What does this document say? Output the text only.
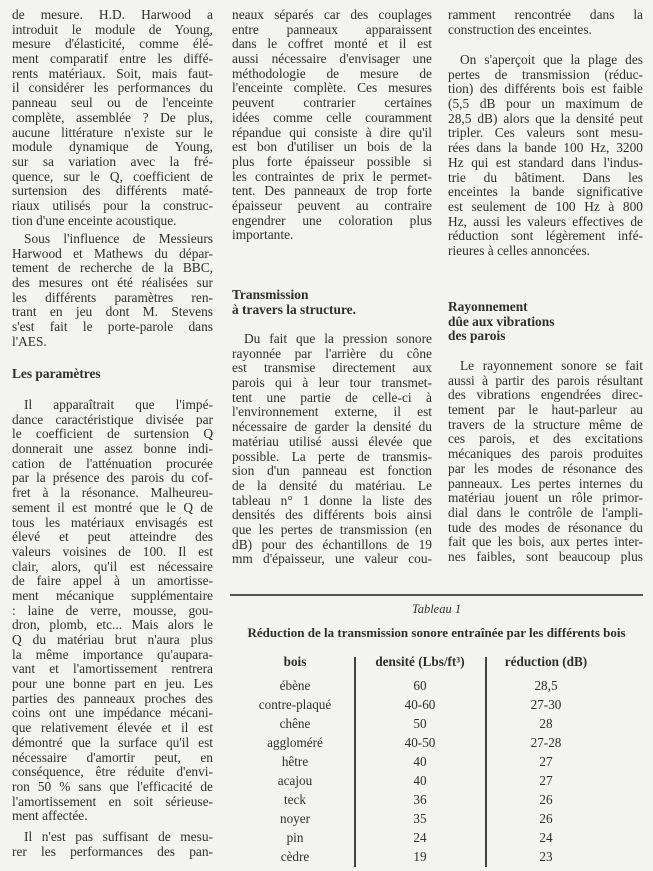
de mesure. H.D. Harwood a
introduit le module de Young,
mesure d'élasticité, comme élé-
ment comparatif entre les diffé-
rents matériaux. Soit, mais faut-
il considérer les performances du
panneau seul ou de l'enceinte
complète, assemblée ? De plus,
aucune littérature n'existe sur le
module dynamique de Young,
sur sa variation avec la fré-
quence, sur le Q, coefficient de
surtension des différents maté-
riaux utilisés pour la construc-
tion d'une enceinte acoustique.
Sous l'influence de Messieurs
Harwood et Mathews du dépar-
tement de recherche de la BBC,
des mesures ont été réalisées sur
les différents paramètres ren-
trant en jeu dont M. Stevens
s'est fait le porte-parole dans
l'AES.
Les paramètres
Il apparaîtrait que l'impé-
dance caractéristique divisée par
le coefficient de surtension Q
donnerait une assez bonne indi-
cation de l'atténuation procurée
par la présence des parois du cof-
fret à la résonance. Malheureu-
sement il est montré que le Q de
tous les matériaux envisagés est
élevé et peut atteindre des
valeurs voisines de 100. Il est
clair, alors, qu'il est nécessaire
de faire appel à un amortisse-
ment mécanique supplémentaire
: laine de verre, mousse, gou-
dron, plomb, etc... Mais alors le
Q du matériau brut n'aura plus
la même importance qu'aupara-
vant et l'amortissement rentrera
pour une bonne part en jeu. Les
parties des panneaux proches des
coins ont une impédance mécani-
que relativement élevée et il est
démontré que la surface qu'il est
nécessaire d'amortir peut, en
conséquence, être réduite d'envi-
ron 50 % sans que l'efficacité de
l'amortissement en soit sérieuse-
ment affectée.
Il n'est pas suffisant de mesu-
rer les performances des pan-
neaux séparés car des couplages
entre panneaux apparaissent
dans le coffret monté et il est
aussi nécessaire d'envisager une
méthodologie de mesure de
l'enceinte complète. Ces mesures
peuvent contrarier certaines
idées comme celle couramment
répandue qui consiste à dire qu'il
est bon d'utiliser un bois de la
plus forte épaisseur possible si
les contraintes de prix le permet-
tent. Des panneaux de trop forte
épaisseur peuvent au contraire
engendrer une coloration plus
importante.
Transmission
à travers la structure.
Du fait que la pression sonore
rayonnée par l'arrière du cône
est transmise directement aux
parois qui à leur tour transmet-
tent une partie de celle-ci à
l'environnement externe, il est
nécessaire de garder la densité du
matériau utilisé aussi élevée que
possible. La perte de transmis-
sion d'un panneau est fonction
de la densité du matériau. Le
tableau n° 1 donne la liste des
densités des différents bois ainsi
que les pertes de transmission (en
dB) pour des échantillons de 19
mm d'épaisseur, une valeur cou-
ramment rencontrée dans la
construction des enceintes.
On s'aperçoit que la plage des
pertes de transmission (réduc-
tion) des différents bois est faible
(5,5 dB pour un maximum de
28,5 dB) alors que la densité peut
tripler. Ces valeurs sont mesu-
rées dans la bande 100 Hz, 3200
Hz qui est standard dans l'indus-
trie du bâtiment. Dans les
enceintes la bande significative
est seulement de 100 Hz à 800
Hz, aussi les valeurs effectives de
réduction sont légèrement infé-
rieures à celles annoncées.
Rayonnement
dûe aux vibrations
des parois
Le rayonnement sonore se fait
aussi à partir des parois résultant
des vibrations engendrées direc-
tement par le haut-parleur au
travers de la structure même de
ces parois, et des excitations
mécaniques des parois produites
par les modes de résonance des
panneaux. Les pertes internes du
matériau jouent un rôle primor-
dial dans le contrôle de l'ampli-
tude des modes de résonance du
fait que les bois, aux pertes inter-
nes faibles, sont beaucoup plus
Tableau 1
Réduction de la transmission sonore entraînée par les différents bois
bois	densité (Lbs/ft³)	réduction (dB)
ébène	60	28,5
contre-plaqué	40-60	27-30
chêne	50	28
aggloméré	40-50	27-28
hêtre	40	27
acajou	40	27
teck	36	26
noyer	35	26
pin	24	24
cèdre	19	23
